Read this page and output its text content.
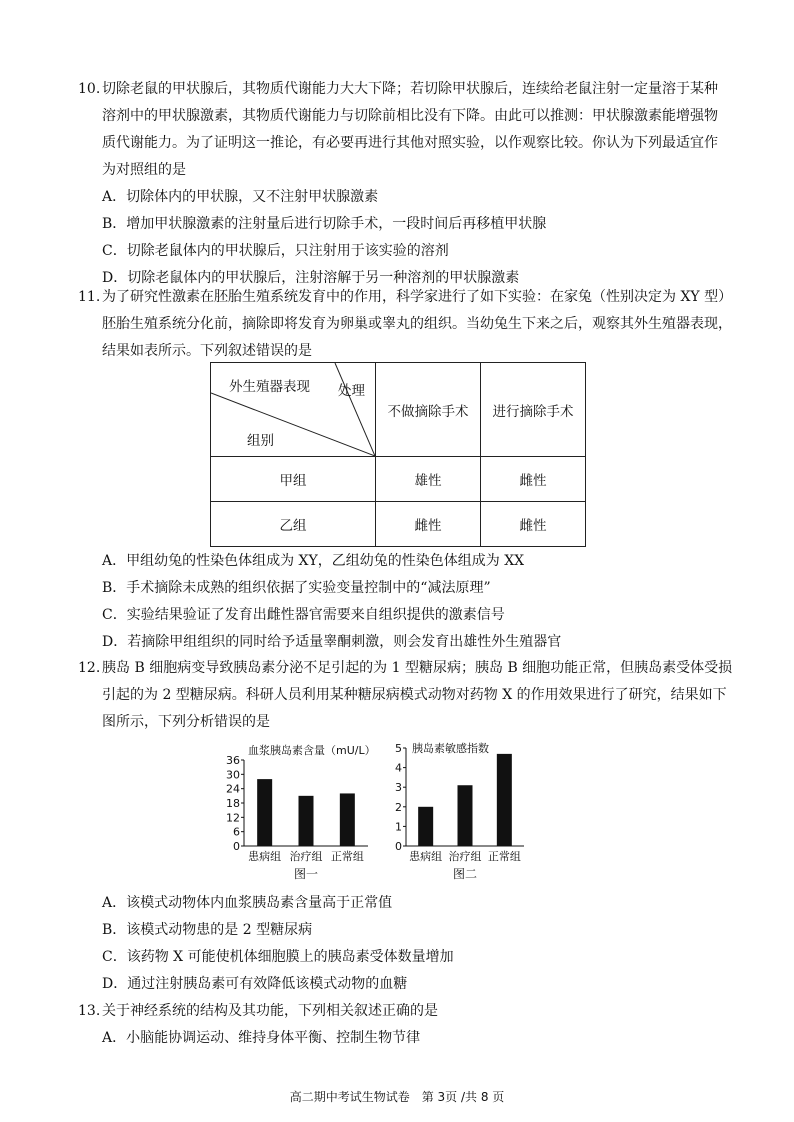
10. 切除老鼠的甲状腺后，其物质代谢能力大大下降；若切除甲状腺后，连续给老鼠注射一定量溶于某种
溶剂中的甲状腺激素，其物质代谢能力与切除前相比没有下降。由此可以推测：甲状腺激素能增强物
质代谢能力。为了证明这一推论，有必要再进行其他对照实验，以作观察比较。你认为下列最适宜作
为对照组的是
A．切除体内的甲状腺，又不注射甲状腺激素
B．增加甲状腺激素的注射量后进行切除手术，一段时间后再移植甲状腺
C．切除老鼠体内的甲状腺后，只注射用于该实验的溶剂
D．切除老鼠体内的甲状腺后，注射溶解于另一种溶剂的甲状腺激素
11. 为了研究性激素在胚胎生殖系统发育中的作用，科学家进行了如下实验：在家兔（性别决定为 XY 型）
胚胎生殖系统分化前，摘除即将发育为卵巢或睾丸的组织。当幼兔生下来之后，观察其外生殖器表现，
结果如表所示。下列叙述错误的是
外生殖器表现 处理
组别	不做摘除手术	进行摘除手术
甲组	雄性	雌性
乙组	雌性	雌性
A．甲组幼兔的性染色体组成为 XY，乙组幼兔的性染色体组成为 XX
B．手术摘除未成熟的组织依据了实验变量控制中的“减法原理”
C．实验结果验证了发育出雌性器官需要来自组织提供的激素信号
D．若摘除甲组组织的同时给予适量睾酮刺激，则会发育出雄性外生殖器官
12. 胰岛 B 细胞病变导致胰岛素分泌不足引起的为 1 型糖尿病；胰岛 B 细胞功能正常，但胰岛素受体受损
引起的为 2 型糖尿病。科研人员利用某种糖尿病模式动物对药物 X 的作用效果进行了研究，结果如下
图所示，下列分析错误的是
0
6
12
18
24
30
36
患病组 治疗组 正常组
血浆胰岛素含量（mU/L）
图一
0
1
2
3
4
5
患病组 治疗组 正常组
胰岛素敏感指数
图二
A．该模式动物体内血浆胰岛素含量高于正常值
B．该模式动物患的是 2 型糖尿病
C．该药物 X 可能使机体细胞膜上的胰岛素受体数量增加
D．通过注射胰岛素可有效降低该模式动物的血糖
13. 关于神经系统的结构及其功能，下列相关叙述正确的是
A．小脑能协调运动、维持身体平衡、控制生物节律
高二期中考试生物试卷　第 3页 /共 8 页
